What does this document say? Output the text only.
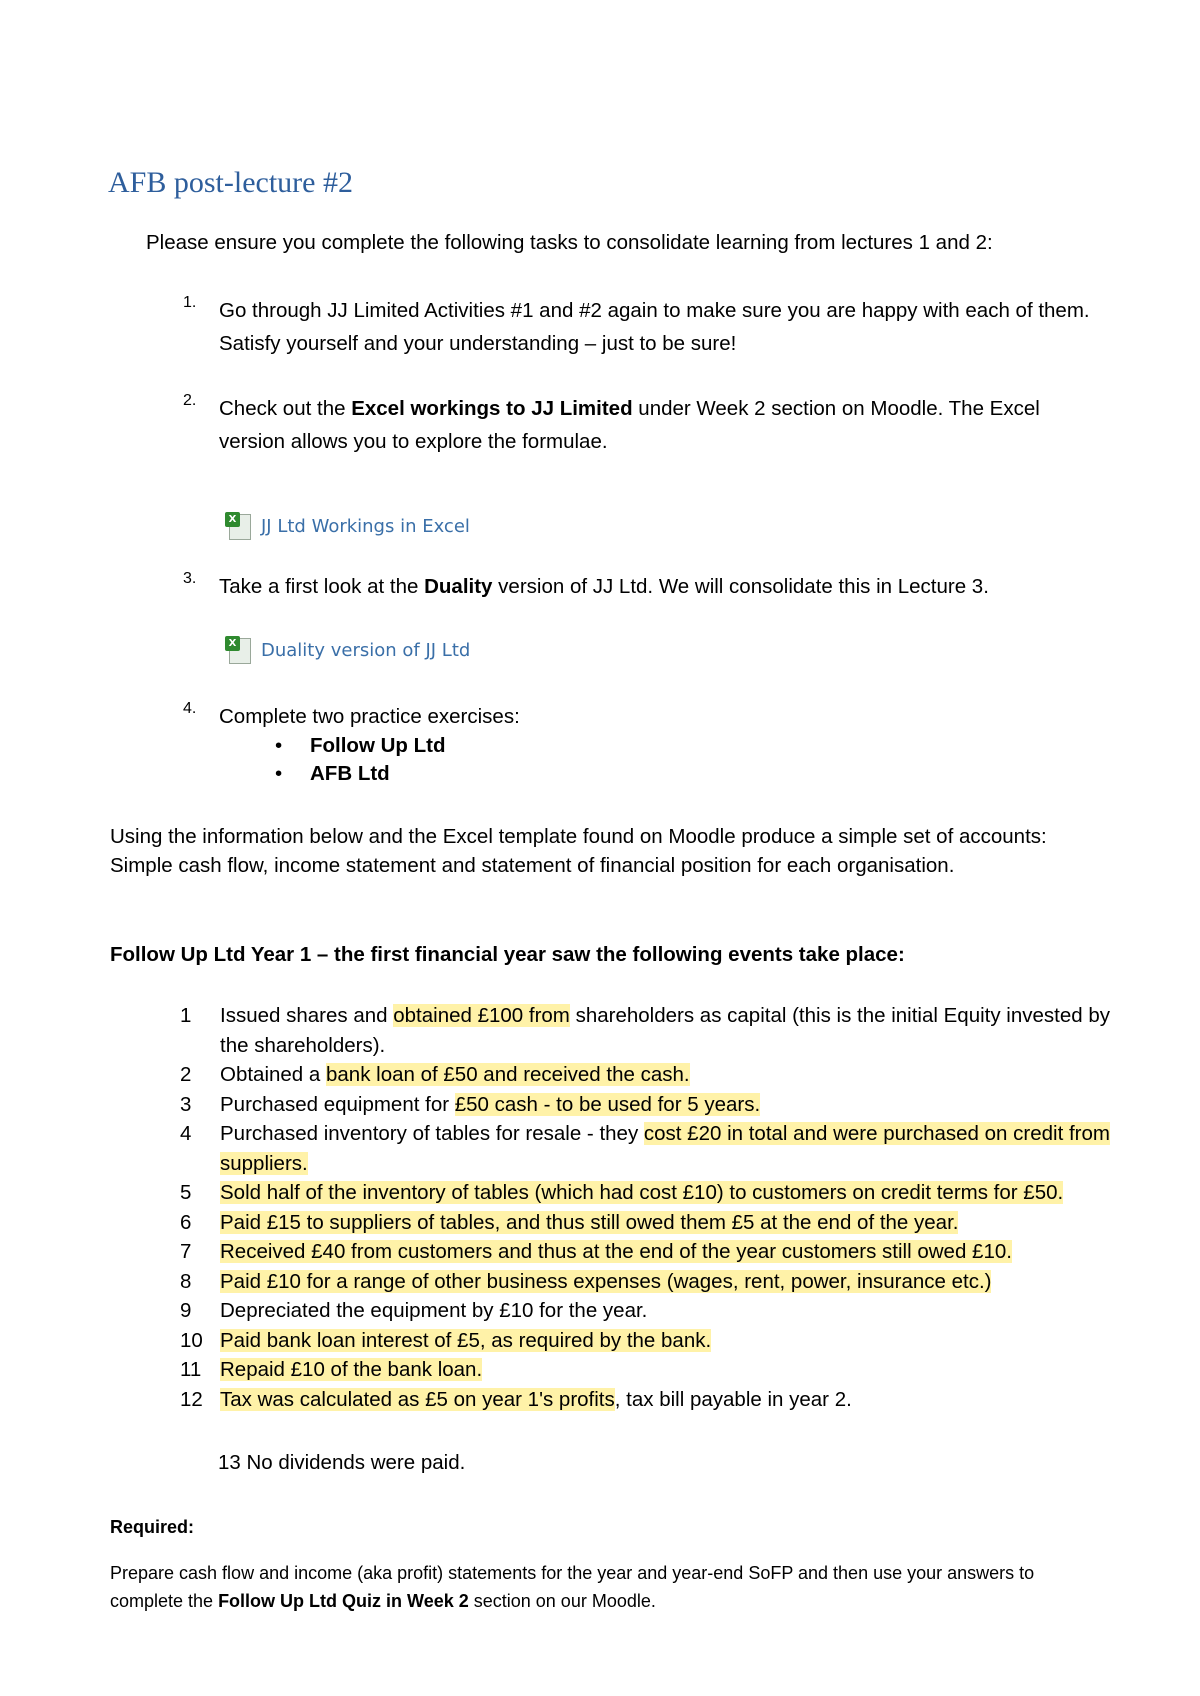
AFB post-lecture #2
Please ensure you complete the following tasks to consolidate learning from lectures 1 and 2:
1. Go through JJ Limited Activities #1 and #2 again to make sure you are happy with each of them. Satisfy yourself and your understanding – just to be sure!
2. Check out the Excel workings to JJ Limited under Week 2 section on Moodle. The Excel version allows you to explore the formulae.
X JJ Ltd Workings in Excel
3. Take a first look at the Duality version of JJ Ltd. We will consolidate this in Lecture 3.
X Duality version of JJ Ltd
4. Complete two practice exercises:
• Follow Up Ltd
• AFB Ltd
Using the information below and the Excel template found on Moodle produce a simple set of accounts: Simple cash flow, income statement and statement of financial position for each organisation.
Follow Up Ltd Year 1 – the first financial year saw the following events take place:
1	Issued shares and obtained £100 from shareholders as capital (this is the initial Equity invested by the shareholders).
2	Obtained a bank loan of £50 and received the cash.
3	Purchased equipment for £50 cash - to be used for 5 years.
4	Purchased inventory of tables for resale - they cost £20 in total and were purchased on credit from suppliers.
5	Sold half of the inventory of tables (which had cost £10) to customers on credit terms for £50.
6	Paid £15 to suppliers of tables, and thus still owed them £5 at the end of the year.
7	Received £40 from customers and thus at the end of the year customers still owed £10.
8	Paid £10 for a range of other business expenses (wages, rent, power, insurance etc.)
9	Depreciated the equipment by £10 for the year.
10 Paid bank loan interest of £5, as required by the bank.
11 Repaid £10 of the bank loan.
12 Tax was calculated as £5 on year 1's profits, tax bill payable in year 2.
13 No dividends were paid.
Required:
Prepare cash flow and income (aka profit) statements for the year and year-end SoFP and then use your answers to complete the Follow Up Ltd Quiz in Week 2 section on our Moodle.
